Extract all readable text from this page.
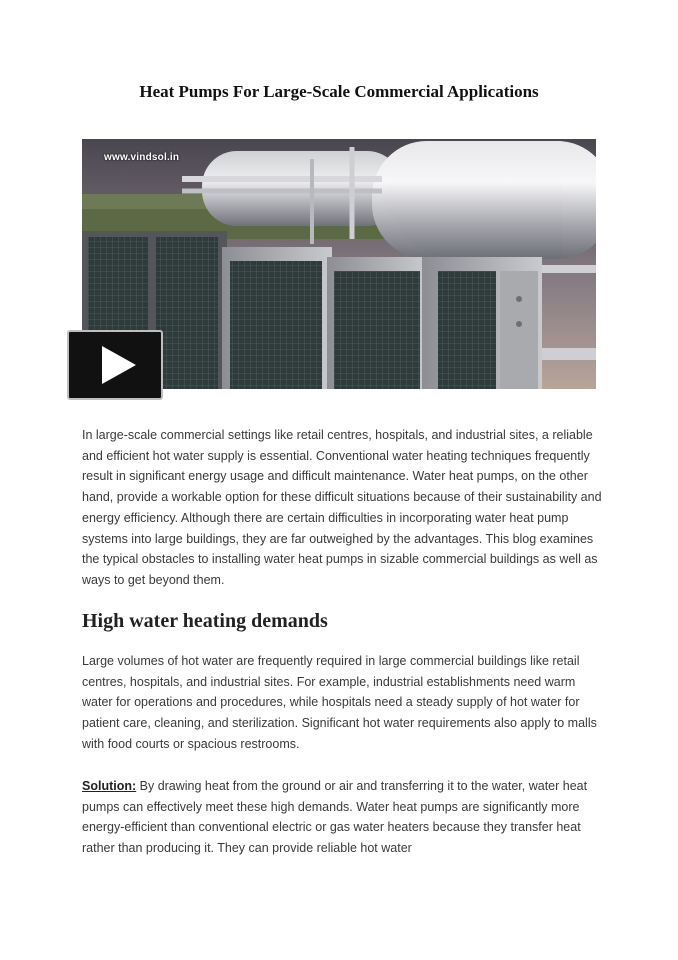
Heat Pumps For Large-Scale Commercial Applications
www.vindsol.in

In large-scale commercial settings like retail centres, hospitals, and industrial sites, a reliable and efficient hot water supply is essential. Conventional water heating techniques frequently result in significant energy usage and difficult maintenance. Water heat pumps, on the other hand, provide a workable option for these difficult situations because of their sustainability and energy efficiency. Although there are certain difficulties in incorporating water heat pump systems into large buildings, they are far outweighed by the advantages. This blog examines the typical obstacles to installing water heat pumps in sizable commercial buildings as well as ways to get beyond them.

High water heating demands

Large volumes of hot water are frequently required in large commercial buildings like retail centres, hospitals, and industrial sites. For example, industrial establishments need warm water for operations and procedures, while hospitals need a steady supply of hot water for patient care, cleaning, and sterilization. Significant hot water requirements also apply to malls with food courts or spacious restrooms.

Solution: By drawing heat from the ground or air and transferring it to the water, water heat pumps can effectively meet these high demands. Water heat pumps are significantly more energy-efficient than conventional electric or gas water heaters because they transfer heat rather than producing it. They can provide reliable hot water
